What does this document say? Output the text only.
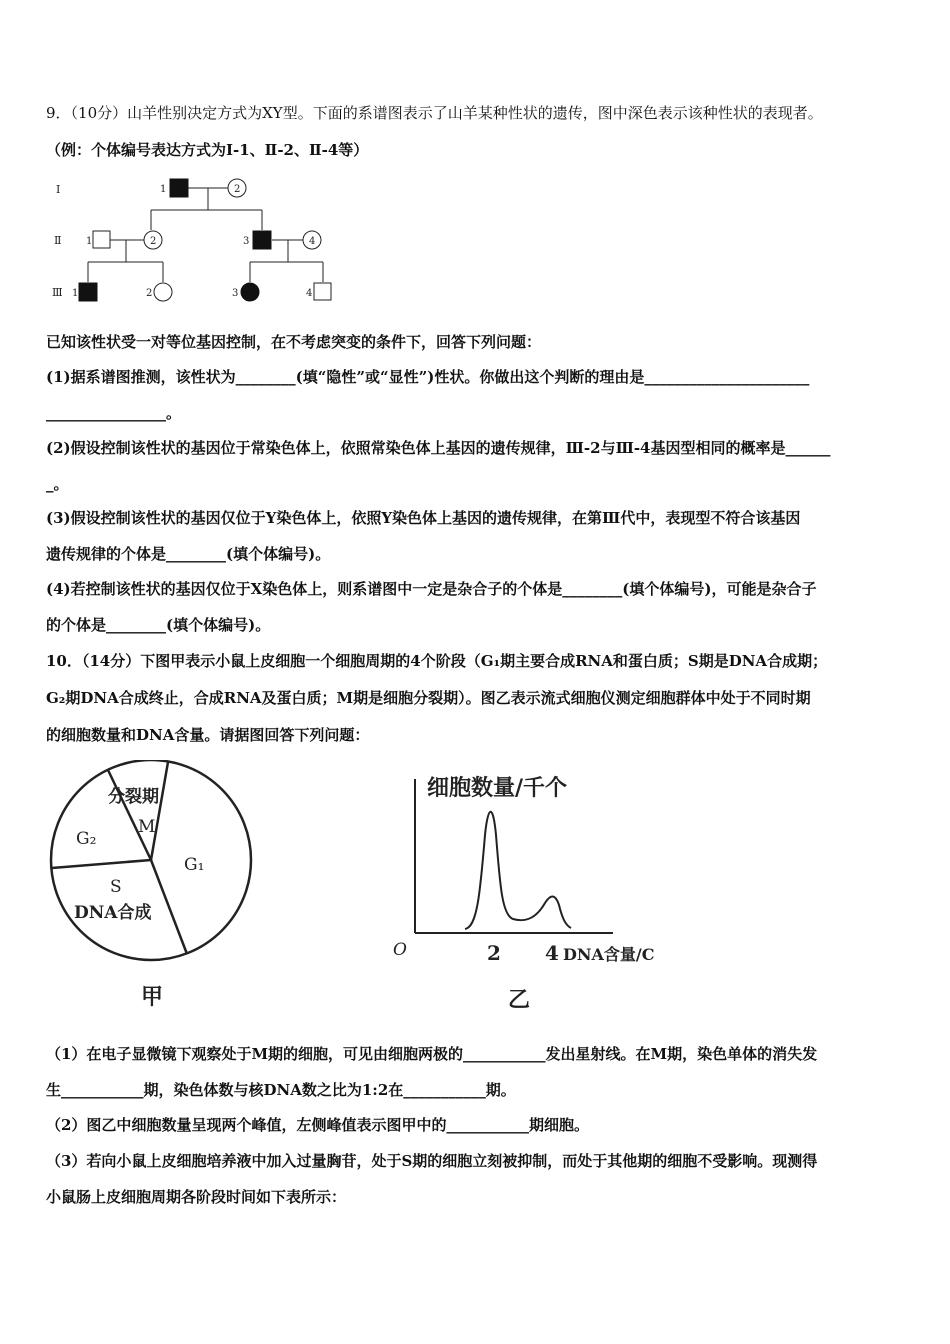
9．（10分）山羊性别决定方式为XY型。下面的系谱图表示了山羊某种性状的遗传，图中深色表示该种性状的表现者。
（例：个体编号表达方式为Ⅰ-1、Ⅱ-2、Ⅱ-4等）
Ⅰ
Ⅱ
Ⅲ
1	2
1	2	3	4
1	2	3	4
已知该性状受一对等位基因控制，在不考虑突变的条件下，回答下列问题：
(1)据系谱图推测，该性状为________(填“隐性”或“显性”)性状。你做出这个判断的理由是______________________
________________。
(2)假设控制该性状的基因位于常染色体上，依照常染色体上基因的遗传规律，Ⅲ-2与Ⅲ-4基因型相同的概率是______
_。
(3)假设控制该性状的基因仅位于Y染色体上，依照Y染色体上基因的遗传规律，在第Ⅲ代中，表现型不符合该基因
遗传规律的个体是________(填个体编号)。
(4)若控制该性状的基因仅位于X染色体上，则系谱图中一定是杂合子的个体是________(填个体编号)，可能是杂合子
的个体是________(填个体编号)。
10．（14分）下图甲表示小鼠上皮细胞一个细胞周期的4个阶段（G₁期主要合成RNA和蛋白质；S期是DNA合成期；
G₂期DNA合成终止，合成RNA及蛋白质；M期是细胞分裂期）。图乙表示流式细胞仪测定细胞群体中处于不同时期
的细胞数量和DNA含量。请据图回答下列问题：
分裂期
M
G₂
G₁
S
DNA合成
甲
细胞数量/千个
O	2 4 DNA含量/C
乙
（1）在电子显微镜下观察处于M期的细胞，可见由细胞两极的___________发出星射线。在M期，染色单体的消失发
生___________期，染色体数与核DNA数之比为1:2在___________期。
（2）图乙中细胞数量呈现两个峰值，左侧峰值表示图甲中的___________期细胞。
（3）若向小鼠上皮细胞培养液中加入过量胸苷，处于S期的细胞立刻被抑制，而处于其他期的细胞不受影响。现测得
小鼠肠上皮细胞周期各阶段时间如下表所示：
